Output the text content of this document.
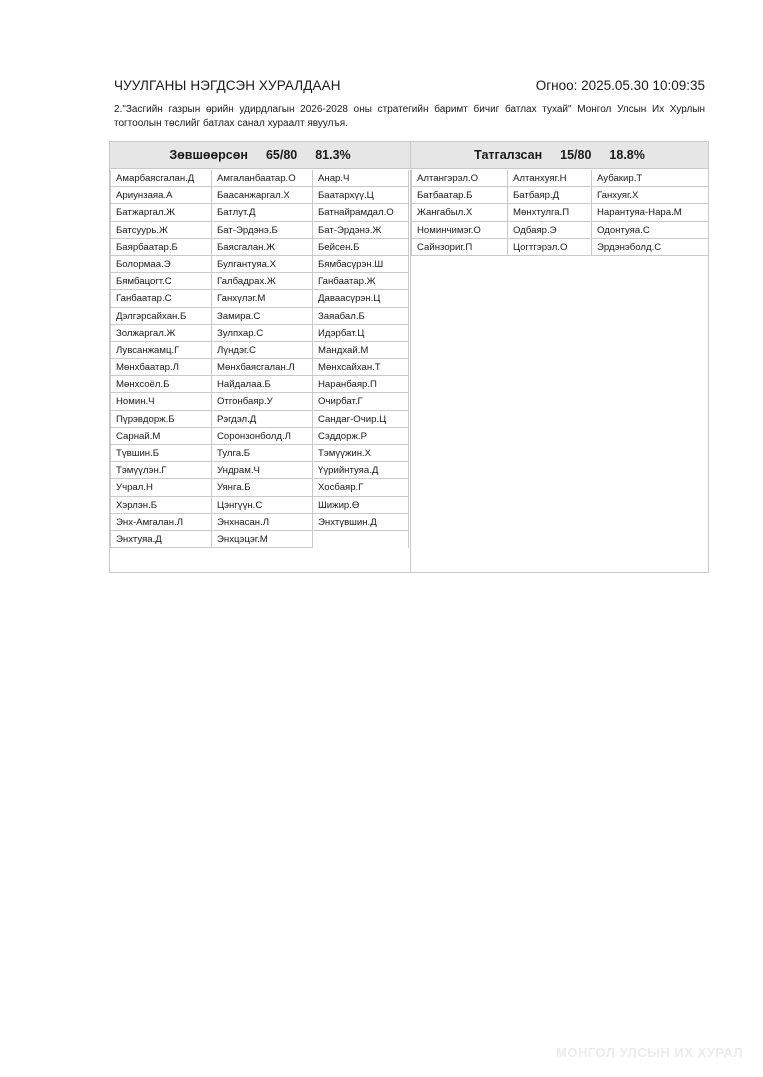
ЧУУЛГАНЫ НЭГДСЭН ХУРАЛДААН	Огноо: 2025.05.30 10:09:35
2."Засгийн газрын өрийн удирдлагын 2026-2028 оны стратегийн баримт бичиг батлах тухай" Монгол Улсын Их Хурлын тогтоолын төслийг батлах санал хураалт явуулъя.
Зөвшөөрсөн 65/80 81.3%
Амарбаясгалан.Д	Амгаланбаатар.О	Анар.Ч
Ариунзаяа.А	Баасанжаргал.Х	Баатархүү.Ц
Батжаргал.Ж	Батлут.Д	Батнайрамдал.О
Батсуурь.Ж	Бат-Эрдэнэ.Б	Бат-Эрдэнэ.Ж
Баярбаатар.Б	Баясгалан.Ж	Бейсен.Б
Болормаа.Э	Булгантуяа.Х	Бямбасүрэн.Ш
Бямбацогт.С	Галбадрах.Ж	Ганбаатар.Ж
Ганбаатар.С	Ганхүлэг.М	Даваасүрэн.Ц
Дэлгэрсайхан.Б	Замира.С	Заяабал.Б
Золжаргал.Ж	Зулпхар.С	Идэрбат.Ц
Лувсанжамц.Г	Лүндэг.С	Мандхай.М
Мөнхбаатар.Л	Мөнхбаясгалан.Л	Мөнхсайхан.Т
Мөнхсоёл.Б	Найдалаа.Б	Наранбаяр.П
Номин.Ч	Отгонбаяр.У	Очирбат.Г
Пүрэвдорж.Б	Рэгдэл.Д	Сандаг-Очир.Ц
Сарнай.М	Соронзонболд.Л	Сэддорж.Р
Түвшин.Б	Тулга.Б	Тэмүүжин.Х
Тэмүүлэн.Г	Ундрам.Ч	Үүрийнтуяа.Д
Учрал.Н	Уянга.Б	Хосбаяр.Г
Хэрлэн.Б	Цэнгүүн.С	Шижир.Ө
Энх-Амгалан.Л	Энхнасан.Л	Энхтүвшин.Д
Энхтуяа.Д	Энхцэцэг.М
Татгалзсан 15/80 18.8%
Алтангэрэл.О	Алтанхуяг.Н	Аубакир.Т
Батбаатар.Б	Батбаяр.Д	Ганхуяг.Х
Жангабыл.Х	Мөнхтулга.П	Нарантуяа-Нара.М
Номинчимэг.О	Одбаяр.Э	Одонтуяа.С
Сайнзориг.П	Цогтгэрэл.О	Эрдэнэболд.С
МОНГОЛ УЛСЫН ИХ ХУРАЛ
